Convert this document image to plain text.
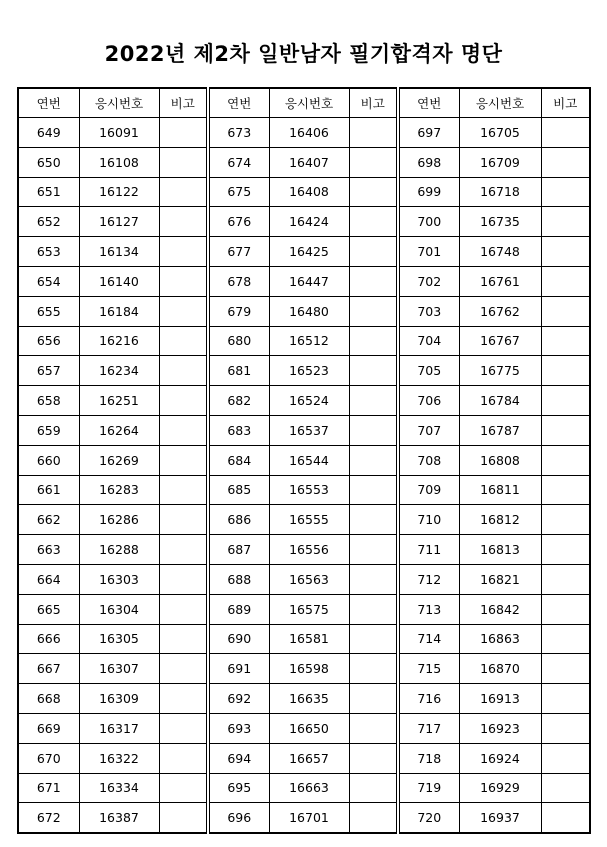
2022년 제2차 일반남자 필기합격자 명단
연번	응시번호	비고	연번	응시번호	비고	연번	응시번호	비고
649	16091		673	16406		697	16705	
650	16108		674	16407		698	16709	
651	16122		675	16408		699	16718	
652	16127		676	16424		700	16735	
653	16134		677	16425		701	16748	
654	16140		678	16447		702	16761	
655	16184		679	16480		703	16762	
656	16216		680	16512		704	16767	
657	16234		681	16523		705	16775	
658	16251		682	16524		706	16784	
659	16264		683	16537		707	16787	
660	16269		684	16544		708	16808	
661	16283		685	16553		709	16811	
662	16286		686	16555		710	16812	
663	16288		687	16556		711	16813	
664	16303		688	16563		712	16821	
665	16304		689	16575		713	16842	
666	16305		690	16581		714	16863	
667	16307		691	16598		715	16870	
668	16309		692	16635		716	16913	
669	16317		693	16650		717	16923	
670	16322		694	16657		718	16924	
671	16334		695	16663		719	16929	
672	16387		696	16701		720	16937	
